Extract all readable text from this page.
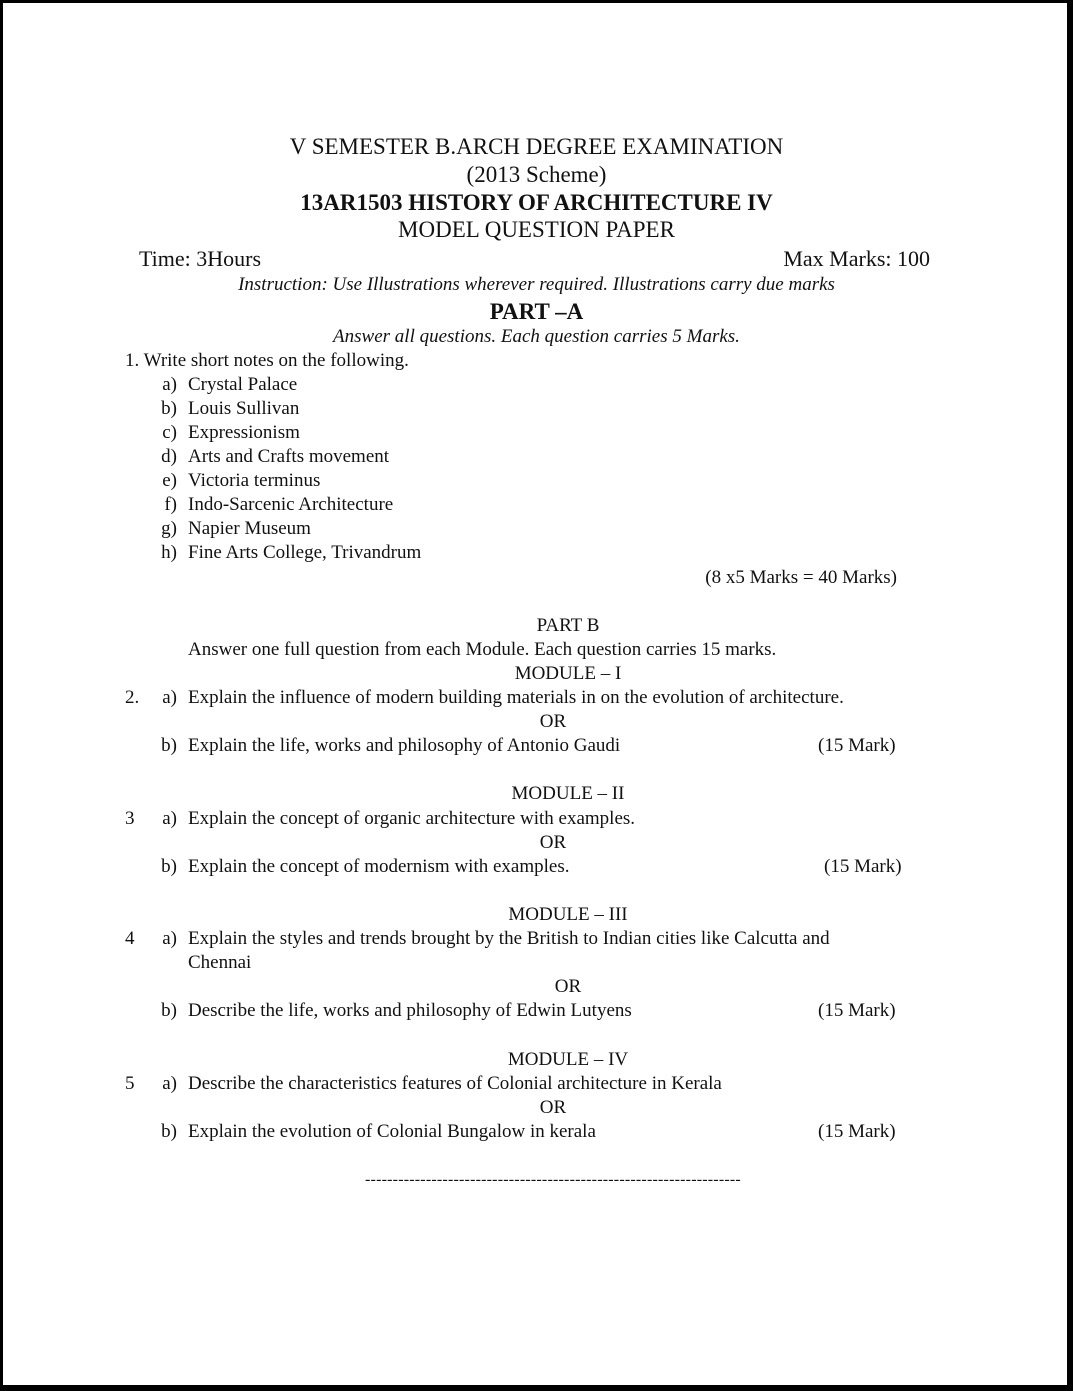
V SEMESTER B.ARCH DEGREE EXAMINATION
(2013 Scheme)
13AR1503 HISTORY OF ARCHITECTURE IV
MODEL QUESTION PAPER
Time: 3Hours	Max Marks: 100
Instruction: Use Illustrations wherever required. Illustrations carry due marks
PART –A
Answer all questions. Each question carries 5 Marks.
1. Write short notes on the following.
a) Crystal Palace
b) Louis Sullivan
c) Expressionism
d) Arts and Crafts movement
e) Victoria terminus
f) Indo-Sarcenic Architecture
g) Napier Museum
h) Fine Arts College, Trivandrum
(8 x5 Marks = 40 Marks)
PART B
Answer one full question from each Module. Each question carries 15 marks.
MODULE – I
2.	a) Explain the influence of modern building materials in on the evolution of architecture.
OR
b) Explain the life, works and philosophy of Antonio Gaudi	(15 Mark)
MODULE – II
3	a) Explain the concept of organic architecture with examples.
OR
b) Explain the concept of modernism with examples.	(15 Mark)
MODULE – III
4	a) Explain the styles and trends brought by the British to Indian cities like Calcutta and
Chennai
OR
b) Describe the life, works and philosophy of Edwin Lutyens	(15 Mark)
MODULE – IV
5	a) Describe the characteristics features of Colonial architecture in Kerala
OR
b) Explain the evolution of Colonial Bungalow in kerala	(15 Mark)
--------------------------------------------------------------------
